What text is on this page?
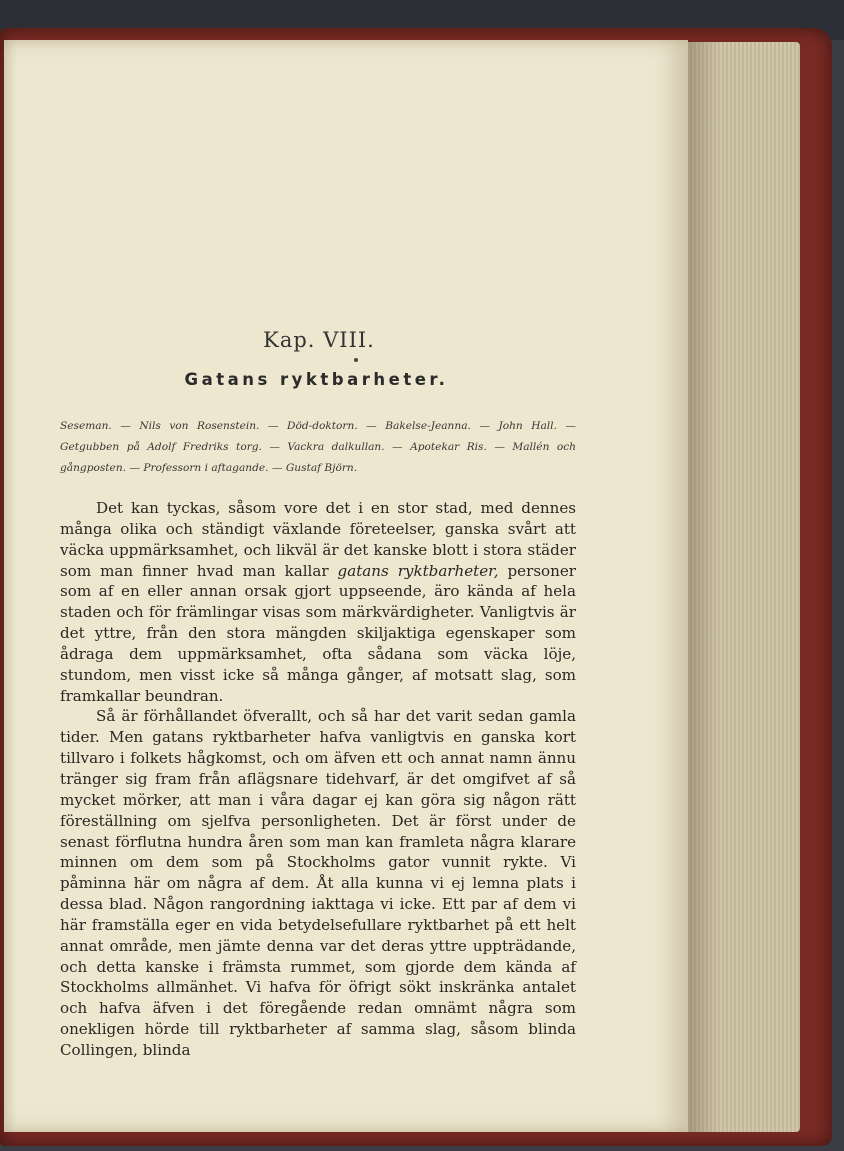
Kap. VIII.
Gatans ryktbarheter.
Seseman. — Nils von Rosenstein. — Död-doktorn. — Bakelse-Jeanna. — John Hall. — Getgubben på Adolf Fredriks torg. — Vackra dalkullan. — Apotekar Ris. — Mallén och gångposten. — Professorn i aftagande. — Gustaf Björn.

Det kan tyckas, såsom vore det i en stor stad, med dennes många olika och ständigt växlande företeelser, ganska svårt att väcka uppmärksamhet, och likväl är det kanske blott i stora städer som man finner hvad man kallar gatans ryktbarheter, personer som af en eller annan orsak gjort uppseende, äro kända af hela staden och för främlingar visas som märkvärdigheter. Vanligtvis är det yttre, från den stora mängden skiljaktiga egenskaper som ådraga dem uppmärksamhet, ofta sådana som väcka löje, stundom, men visst icke så många gånger, af motsatt slag, som framkallar beundran.

Så är förhållandet öfverallt, och så har det varit sedan gamla tider. Men gatans ryktbarheter hafva vanligtvis en ganska kort tillvaro i folkets hågkomst, och om äfven ett och annat namn ännu tränger sig fram från aflägsnare tidehvarf, är det omgifvet af så mycket mörker, att man i våra dagar ej kan göra sig någon rätt föreställning om sjelfva personligheten. Det är först under de senast förflutna hundra åren som man kan framleta några klarare minnen om dem som på Stockholms gator vunnit rykte. Vi påminna här om några af dem. Åt alla kunna vi ej lemna plats i dessa blad. Någon rangordning iakttaga vi icke. Ett par af dem vi här framställa eger en vida betydelsefullare ryktbarhet på ett helt annat område, men jämte denna var det deras yttre uppträdande, och detta kanske i främsta rummet, som gjorde dem kända af Stockholms allmänhet. Vi hafva för öfrigt sökt inskränka antalet och hafva äfven i det föregående redan omnämt några som onekligen hörde till ryktbarheter af samma slag, såsom blinda Collingen, blinda
